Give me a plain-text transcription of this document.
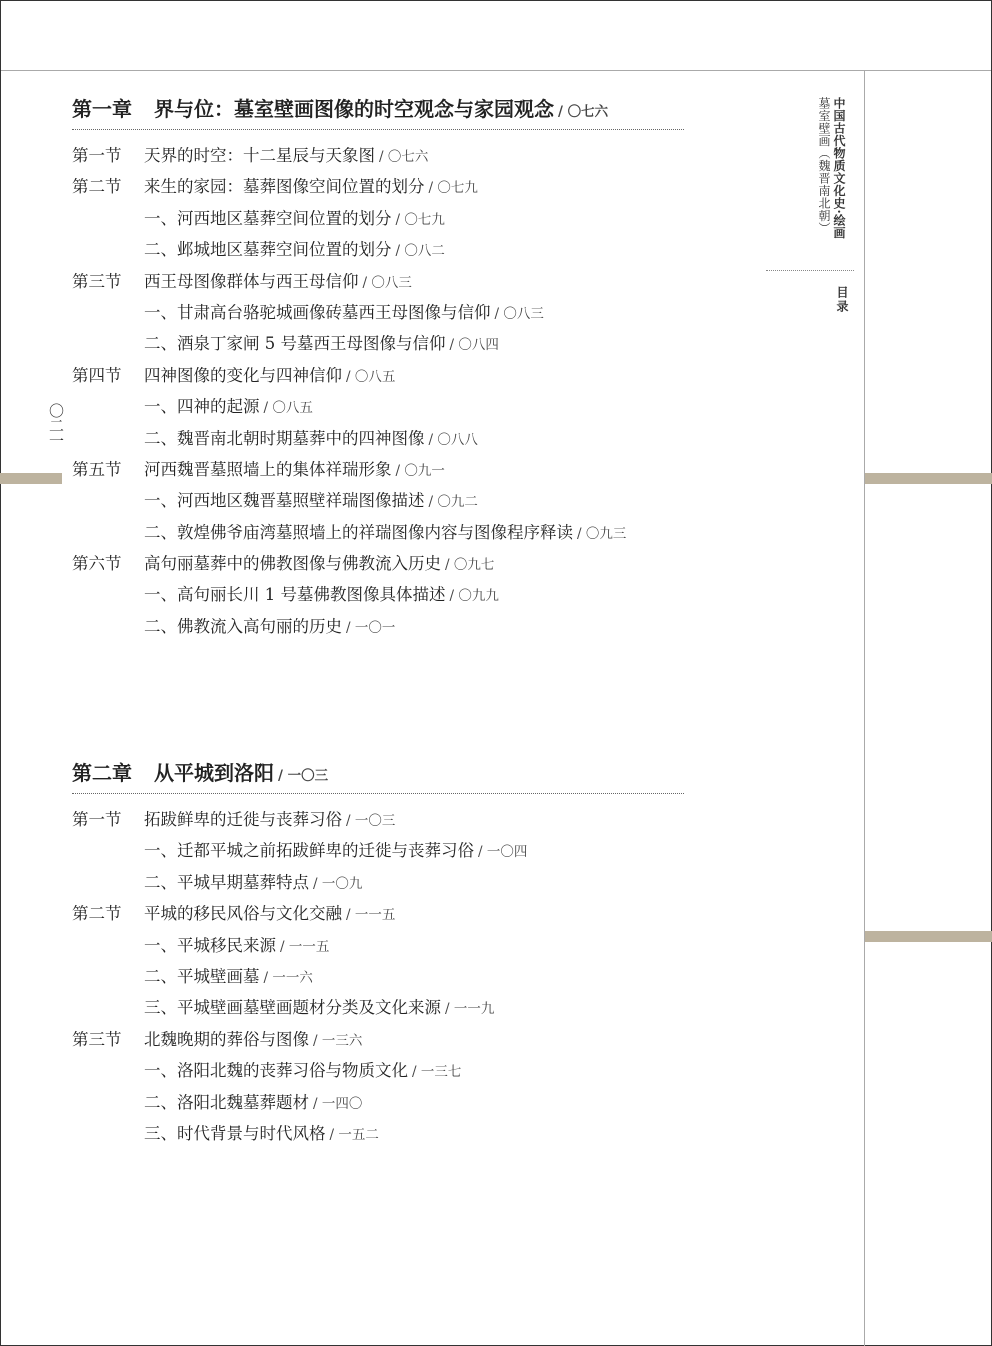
〇二一
中国古代物质文化史·绘画
墓室壁画（魏晋南北朝）
目录
第一章 界与位：墓室壁画图像的时空观念与家园观念 / 〇七六
第一节 天界的时空：十二星辰与天象图 / 〇七六
第二节 来生的家园：墓葬图像空间位置的划分 / 〇七九
一、河西地区墓葬空间位置的划分 / 〇七九
二、邺城地区墓葬空间位置的划分 / 〇八二
第三节 西王母图像群体与西王母信仰 / 〇八三
一、甘肃高台骆驼城画像砖墓西王母图像与信仰 / 〇八三
二、酒泉丁家闸 5 号墓西王母图像与信仰 / 〇八四
第四节 四神图像的变化与四神信仰 / 〇八五
一、四神的起源 / 〇八五
二、魏晋南北朝时期墓葬中的四神图像 / 〇八八
第五节 河西魏晋墓照墙上的集体祥瑞形象 / 〇九一
一、河西地区魏晋墓照壁祥瑞图像描述 / 〇九二
二、敦煌佛爷庙湾墓照墙上的祥瑞图像内容与图像程序释读 / 〇九三
第六节 高句丽墓葬中的佛教图像与佛教流入历史 / 〇九七
一、高句丽长川 1 号墓佛教图像具体描述 / 〇九九
二、佛教流入高句丽的历史 / 一〇一
第二章 从平城到洛阳 / 一〇三
第一节 拓跋鲜卑的迁徙与丧葬习俗 / 一〇三
一、迁都平城之前拓跋鲜卑的迁徙与丧葬习俗 / 一〇四
二、平城早期墓葬特点 / 一〇九
第二节 平城的移民风俗与文化交融 / 一一五
一、平城移民来源 / 一一五
二、平城壁画墓 / 一一六
三、平城壁画墓壁画题材分类及文化来源 / 一一九
第三节 北魏晚期的葬俗与图像 / 一三六
一、洛阳北魏的丧葬习俗与物质文化 / 一三七
二、洛阳北魏墓葬题材 / 一四〇
三、时代背景与时代风格 / 一五二
